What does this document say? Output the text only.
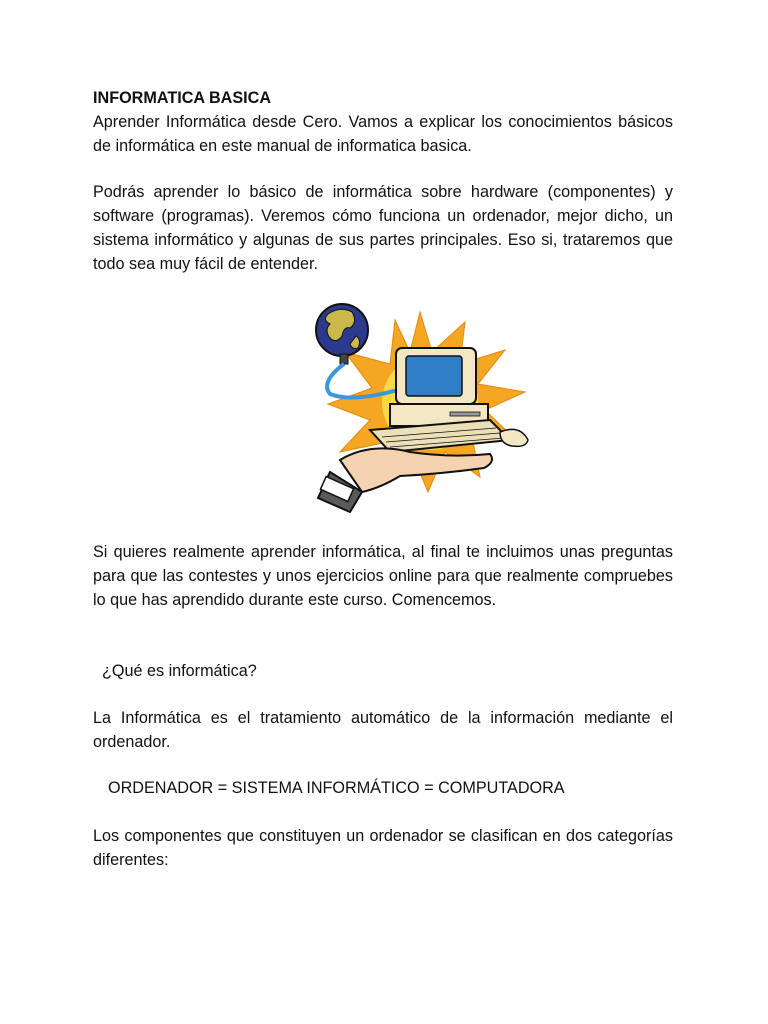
INFORMATICA BASICA
Aprender Informática desde Cero. Vamos a explicar los conocimientos básicos de informática en este manual de informatica basica.

Podrás aprender lo básico de informática sobre hardware (componentes) y software (programas). Veremos cómo funciona un ordenador, mejor dicho, un sistema informático y algunas de sus partes principales. Eso si, trataremos que todo sea muy fácil de entender.

Si quieres realmente aprender informática, al final te incluimos unas preguntas para que las contestes y unos ejercicios online para que realmente compruebes lo que has aprendido durante este curso. Comencemos.

¿Qué es informática?

La Informática es el tratamiento automático de la información mediante el ordenador.

ORDENADOR = SISTEMA INFORMÁTICO = COMPUTADORA

Los componentes que constituyen un ordenador se clasifican en dos categorías diferentes:
